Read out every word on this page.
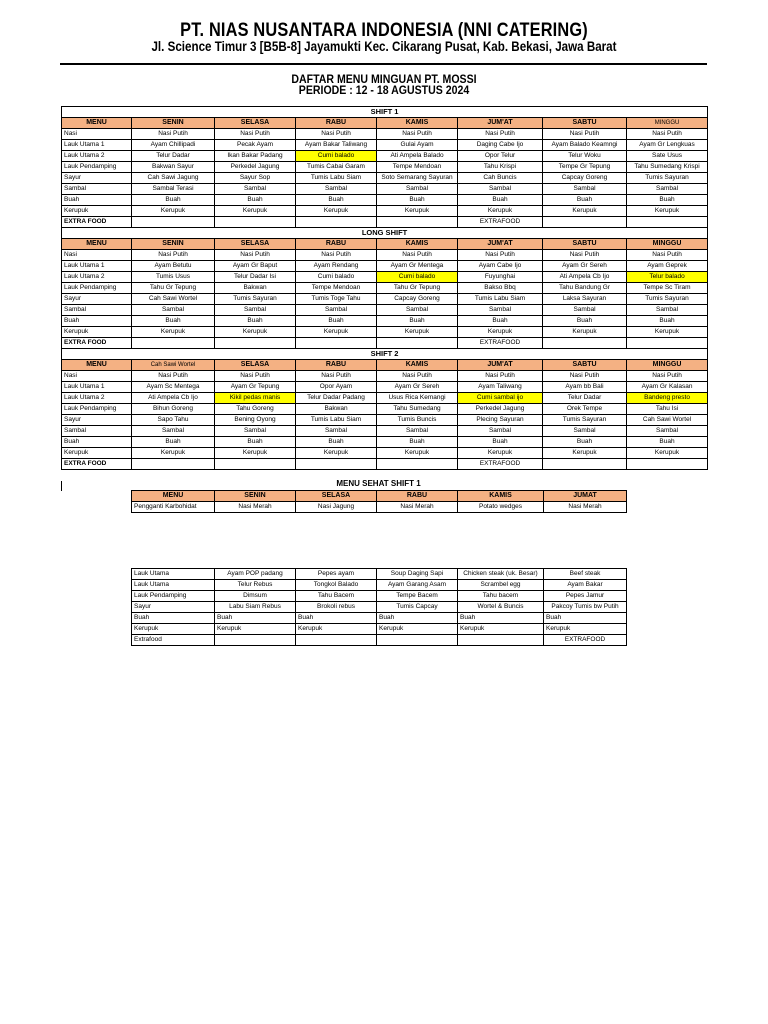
PT. NIAS NUSANTARA INDONESIA (NNI CATERING)
Jl. Science Timur 3 [B5B-8] Jayamukti Kec. Cikarang Pusat, Kab. Bekasi, Jawa Barat
DAFTAR MENU MINGUAN PT. MOSSI
PERIODE : 12 - 18 AGUSTUS 2024
SHIFT 1							
MENU	SENIN	SELASA	RABU	KAMIS	JUM'AT	SABTU	MINGGU
Nasi	Nasi Putih	Nasi Putih	Nasi Putih	Nasi Putih	Nasi Putih	Nasi Putih	Nasi Putih
Lauk Utama 1	Ayam Chillipadi	Pecak Ayam	Ayam Bakar Taliwang	Gulai Ayam	Daging Cabe Ijo	Ayam Balado Keamngi	Ayam Gr Lengkuas
Lauk Utama 2	Telur Dadar	Ikan Bakar Padang	Cumi balado	Ati Ampela Balado	Opor Telur	Telur Woku	Sate Usus
Lauk Pendamping	Bakwan Sayur	Perkedel Jagung	Tumis Cabai Garam	Tempe Mendoan	Tahu Krispi	Tempe Gr Tepung	Tahu Sumedang Krispi
Sayur	Cah Sawi Jagung	Sayur Sop	Tumis Labu Siam	Soto Semarang Sayuran	Cah Buncis	Capcay Goreng	Tumis Sayuran
Sambal	Sambal Terasi	Sambal	Sambal	Sambal	Sambal	Sambal	Sambal
Buah	Buah	Buah	Buah	Buah	Buah	Buah	Buah
Kerupuk	Kerupuk	Kerupuk	Kerupuk	Kerupuk	Kerupuk	Kerupuk	Kerupuk
EXTRA FOOD					EXTRAFOOD		
LONG SHIFT							
MENU	SENIN	SELASA	RABU	KAMIS	JUM'AT	SABTU	MINGGU
Nasi	Nasi Putih	Nasi Putih	Nasi Putih	Nasi Putih	Nasi Putih	Nasi Putih	Nasi Putih
Lauk Utama 1	Ayam Betutu	Ayam Gr Baput	Ayam Rendang	Ayam Gr Mentega	Ayam Cabe Ijo	Ayam Gr Sereh	Ayam Geprek
Lauk Utama 2	Tumis Usus	Telur Dadar Isi	Cumi balado	Cumi balado	Fuyunghai	Ati Ampela Cb Ijo	Telur balado
Lauk Pendamping	Tahu Gr Tepung	Bakwan	Tempe Mendoan	Tahu Gr Tepung	Bakso Bbq	Tahu Bandung Gr	Tempe Sc Tiram
Sayur	Cah Sawi Wortel	Tumis Sayuran	Tumis Toge Tahu	Capcay Goreng	Tumis Labu Siam	Laksa Sayuran	Tumis Sayuran
Sambal	Sambal	Sambal	Sambal	Sambal	Sambal	Sambal	Sambal
Buah	Buah	Buah	Buah	Buah	Buah	Buah	Buah
Kerupuk	Kerupuk	Kerupuk	Kerupuk	Kerupuk	Kerupuk	Kerupuk	Kerupuk
EXTRA FOOD					EXTRAFOOD		
SHIFT 2							
MENU	Cah Sawi Wortel	SELASA	RABU	KAMIS	JUM'AT	SABTU	MINGGU
Nasi	Nasi Putih	Nasi Putih	Nasi Putih	Nasi Putih	Nasi Putih	Nasi Putih	Nasi Putih
Lauk Utama 1	Ayam Sc Mentega	Ayam Gr Tepung	Opor Ayam	Ayam Gr Sereh	Ayam Taliwang	Ayam bb Bali	Ayam Gr Kalasan
Lauk Utama 2	Ati Ampela Cb Ijo	Kikil pedas manis	Telur Dadar Padang	Usus Rica Kemangi	Cumi sambal ijo	Telur Dadar	Bandeng presto
Lauk Pendamping	Bihun Goreng	Tahu Goreng	Bakwan	Tahu Sumedang	Perkedel Jagung	Orek Tempe	Tahu Isi
Sayur	Sapo Tahu	Bening Oyong	Tumis Labu Siam	Tumis Buncis	Plecing Sayuran	Tumis Sayuran	Cah Sawi Wortel
Sambal	Sambal	Sambal	Sambal	Sambal	Sambal	Sambal	Sambal
Buah	Buah	Buah	Buah	Buah	Buah	Buah	Buah
Kerupuk	Kerupuk	Kerupuk	Kerupuk	Kerupuk	Kerupuk	Kerupuk	Kerupuk
EXTRA FOOD					EXTRAFOOD		
MENU SEHAT SHIFT 1
MENU	SENIN	SELASA	RABU	KAMIS	JUMAT
Pengganti Karbohidat	Nasi Merah	Nasi Jagung	Nasi Merah	Potato wedges	Nasi Merah
Lauk Utama	Ayam POP padang	Pepes ayam	Soup Daging Sapi	Chicken steak (uk. Besar)	Beef steak
Lauk Utama	Telur Rebus	Tongkol Balado	Ayam Garang Asam	Scrambel egg	Ayam Bakar
Lauk Pendamping	Dimsum	Tahu Bacem	Tempe Bacem	Tahu bacem	Pepes Jamur
Sayur	Labu Siam Rebus	Brokoli rebus	Tumis Capcay	Wortel & Buncis	Pakcoy Tumis bw Putih
Buah	Buah	Buah	Buah	Buah	Buah
Kerupuk	Kerupuk	Kerupuk	Kerupuk	Kerupuk	Kerupuk
Extrafood					EXTRAFOOD
